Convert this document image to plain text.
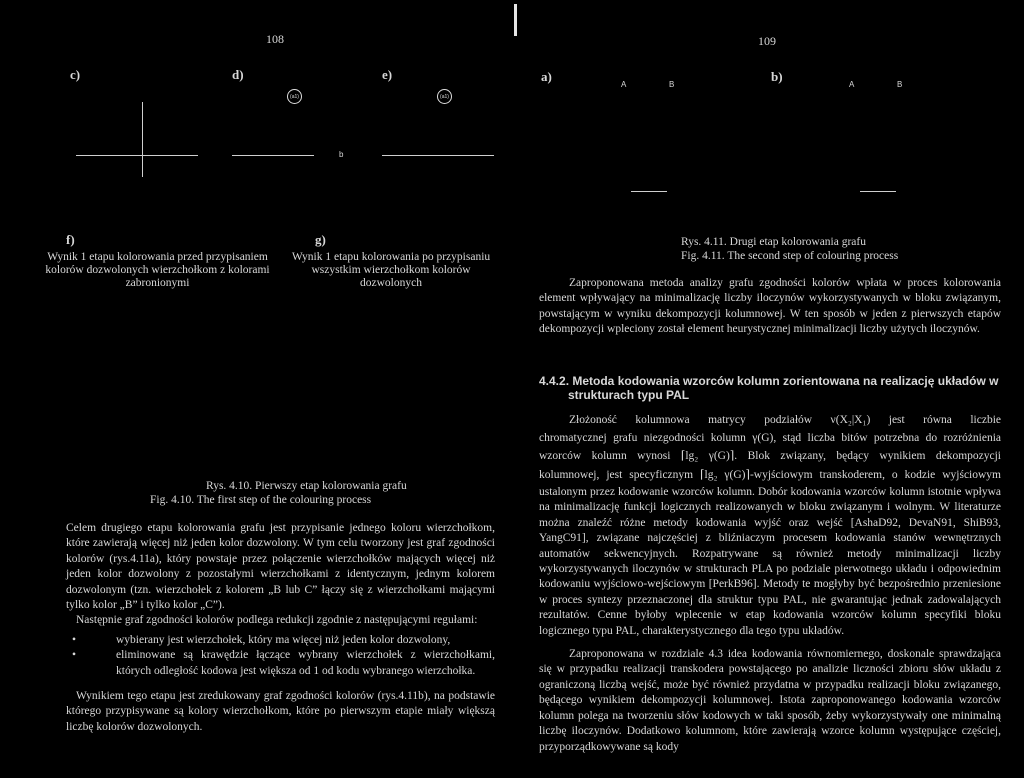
108
c)	d)	e)
(a1)	(a1)
b
f)	g)
Wynik 1 etapu kolorowania przed przypisaniem kolorów dozwolonych wierzchołkom z kolorami zabronionymi
Wynik 1 etapu kolorowania po przypisaniu wszystkim wierzchołkom kolorów dozwolonych
Rys. 4.10. Pierwszy etap kolorowania grafu
Fig. 4.10. The first step of the colouring process

Celem drugiego etapu kolorowania grafu jest przypisanie jednego koloru wierzchołkom, które zawierają więcej niż jeden kolor dozwolony. W tym celu tworzony jest graf zgodności kolorów (rys.4.11a), który powstaje przez połączenie wierzchołków mających więcej niż jeden kolor dozwolony z pozostałymi wierzchołkami z identycznym, jednym kolorem dozwolonym (tzn. wierzchołek z kolorem „B lub C” łączy się z wierzchołkami mającymi tylko kolor „B” i tylko kolor „C”).

Następnie graf zgodności kolorów podlega redukcji zgodnie z następującymi regułami:

• wybierany jest wierzchołek, który ma więcej niż jeden kolor dozwolony,
• eliminowane są krawędzie łączące wybrany wierzchołek z wierzchołkami, których odległość kodowa jest większa od 1 od kodu wybranego wierzchołka.

Wynikiem tego etapu jest zredukowany graf zgodności kolorów (rys.4.11b), na podstawie którego przypisywane są kolory wierzchołkom, które po pierwszym etapie miały większą liczbę kolorów dozwolonych.

109
a)	b)
A	B	A	B
Rys. 4.11. Drugi etap kolorowania grafu
Fig. 4.11. The second step of colouring process
Zaproponowana metoda analizy grafu zgodności kolorów wpłata w proces kolorowania element wpływający na minimalizację liczby iloczynów wykorzystywanych w bloku związanym, powstającym w wyniku dekompozycji kolumnowej. W ten sposób w jeden z pierwszych etapów dekompozycji wpleciony został element heurystycznej minimalizacji liczby użytych iloczynów.
4.4.2. Metoda kodowania wzorców kolumn zorientowana na realizację układów w strukturach typu PAL

Złożoność kolumnowa matrycy podziałów ν(X₂|X₁) jest równa liczbie

chromatycznej grafu niezgodności kolumn γ(G), stąd liczba bitów potrzebna do rozróżnienia

wzorców kolumn wynosi ⌈lg₂ γ(G)⌉. Blok związany, będący wynikiem dekompozycji

kolumnowej, jest specyficznym ⌈lg₂ γ(G)⌉-wyjściowym transkoderem, o kodzie wyjściowym

ustalonym przez kodowanie wzorców kolumn. Dobór kodowania wzorców kolumn istotnie wpływa na minimalizację funkcji logicznych realizowanych w bloku związanym i wolnym. W literaturze można znaleźć różne metody kodowania wyjść oraz wejść [AshaD92, DevaN91, ShiB93, YangC91], związane najczęściej z bliźniaczym procesem kodowania stanów wewnętrznych automatów sekwencyjnych. Rozpatrywane są również metody minimalizacji liczby wykorzystywanych iloczynów w strukturach PLA po podziale pierwotnego układu i odpowiednim kodowaniu wyjściowo-wejściowym [PerkB96]. Metody te mogłyby być bezpośrednio przeniesione w proces syntezy przeznaczonej dla struktur typu PAL, nie gwarantując jednak zadowalających rezultatów. Cenne byłoby wplecenie w etap kodowania wzorców kolumn specyfiki bloku logicznego typu PAL, charakterystycznego dla tego typu układów.

Zaproponowana w rozdziale 4.3 idea kodowania równomiernego, doskonale sprawdzająca się w przypadku realizacji transkodera powstającego po analizie liczności zbioru słów układu z ograniczoną liczbą wejść, może być również przydatna w przypadku realizacji bloku związanego, będącego wynikiem dekompozycji kolumnowej. Istota zaproponowanego kodowania wzorców kolumn polega na tworzeniu słów kodowych w taki sposób, żeby wykorzystywały one minimalną liczbę iloczynów. Dodatkowo kolumnom, które zawierają wzorce kolumn występujące częściej, przyporządkowywane są kody
